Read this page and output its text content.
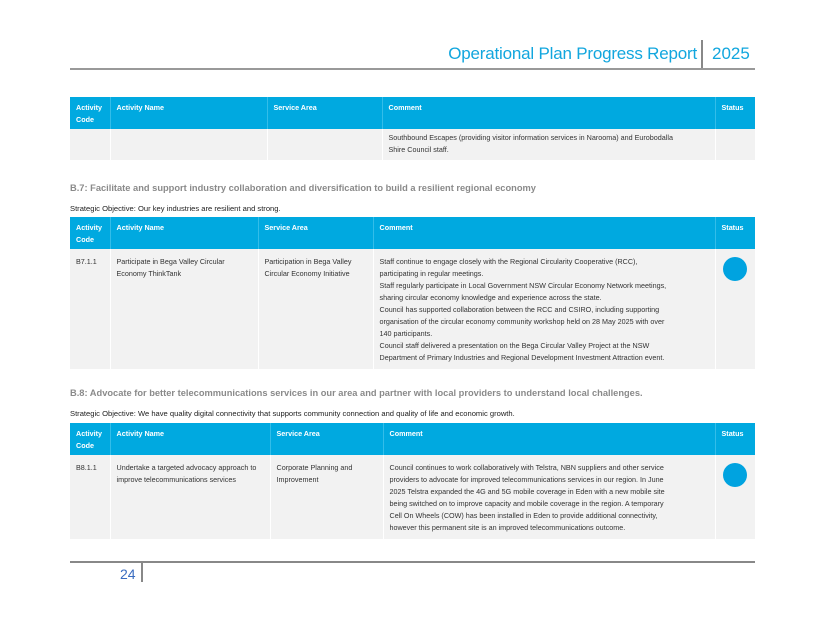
Operational Plan Progress Report 2025
Activity Code	Activity Name	Service Area	Comment	Status

			Southbound Escapes (providing visitor information services in Narooma) and Eurobodalla
Shire Council staff.	

B.7: Facilitate and support industry collaboration and diversification to build a resilient regional economy
Strategic Objective: Our key industries are resilient and strong.
Activity Code	Activity Name	Service Area	Comment	Status
B7.1.1	Participate in Bega Valley Circular Economy ThinkTank	Participation in Bega Valley Circular Economy Initiative	
Staff continue to engage closely with the Regional Circularity Cooperative (RCC),
participating in regular meetings.
Staff regularly participate in Local Government NSW Circular Economy Network meetings,
sharing circular economy knowledge and experience across the state.
Council has supported collaboration between the RCC and CSIRO, including supporting
organisation of the circular economy community workshop held on 28 May 2025 with over
140 participants.
Council staff delivered a presentation on the Bega Circular Valley Project at the NSW
Department of Primary Industries and Regional Development Investment Attraction event.

B.8: Advocate for better telecommunications services in our area and partner with local providers to understand local challenges.
Strategic Objective: We have quality digital connectivity that supports community connection and quality of life and economic growth.
Activity Code	Activity Name	Service Area	Comment	Status
B8.1.1	Undertake a targeted advocacy approach to improve telecommunications services	Corporate Planning and Improvement	
Council continues to work collaboratively with Telstra, NBN suppliers and other service
providers to advocate for improved telecommunications services in our region. In June
2025 Telstra expanded the 4G and 5G mobile coverage in Eden with a new mobile site
being switched on to improve capacity and mobile coverage in the region. A temporary
Cell On Wheels (COW) has been installed in Eden to provide additional connectivity,
however this permanent site is an improved telecommunications outcome.

24
